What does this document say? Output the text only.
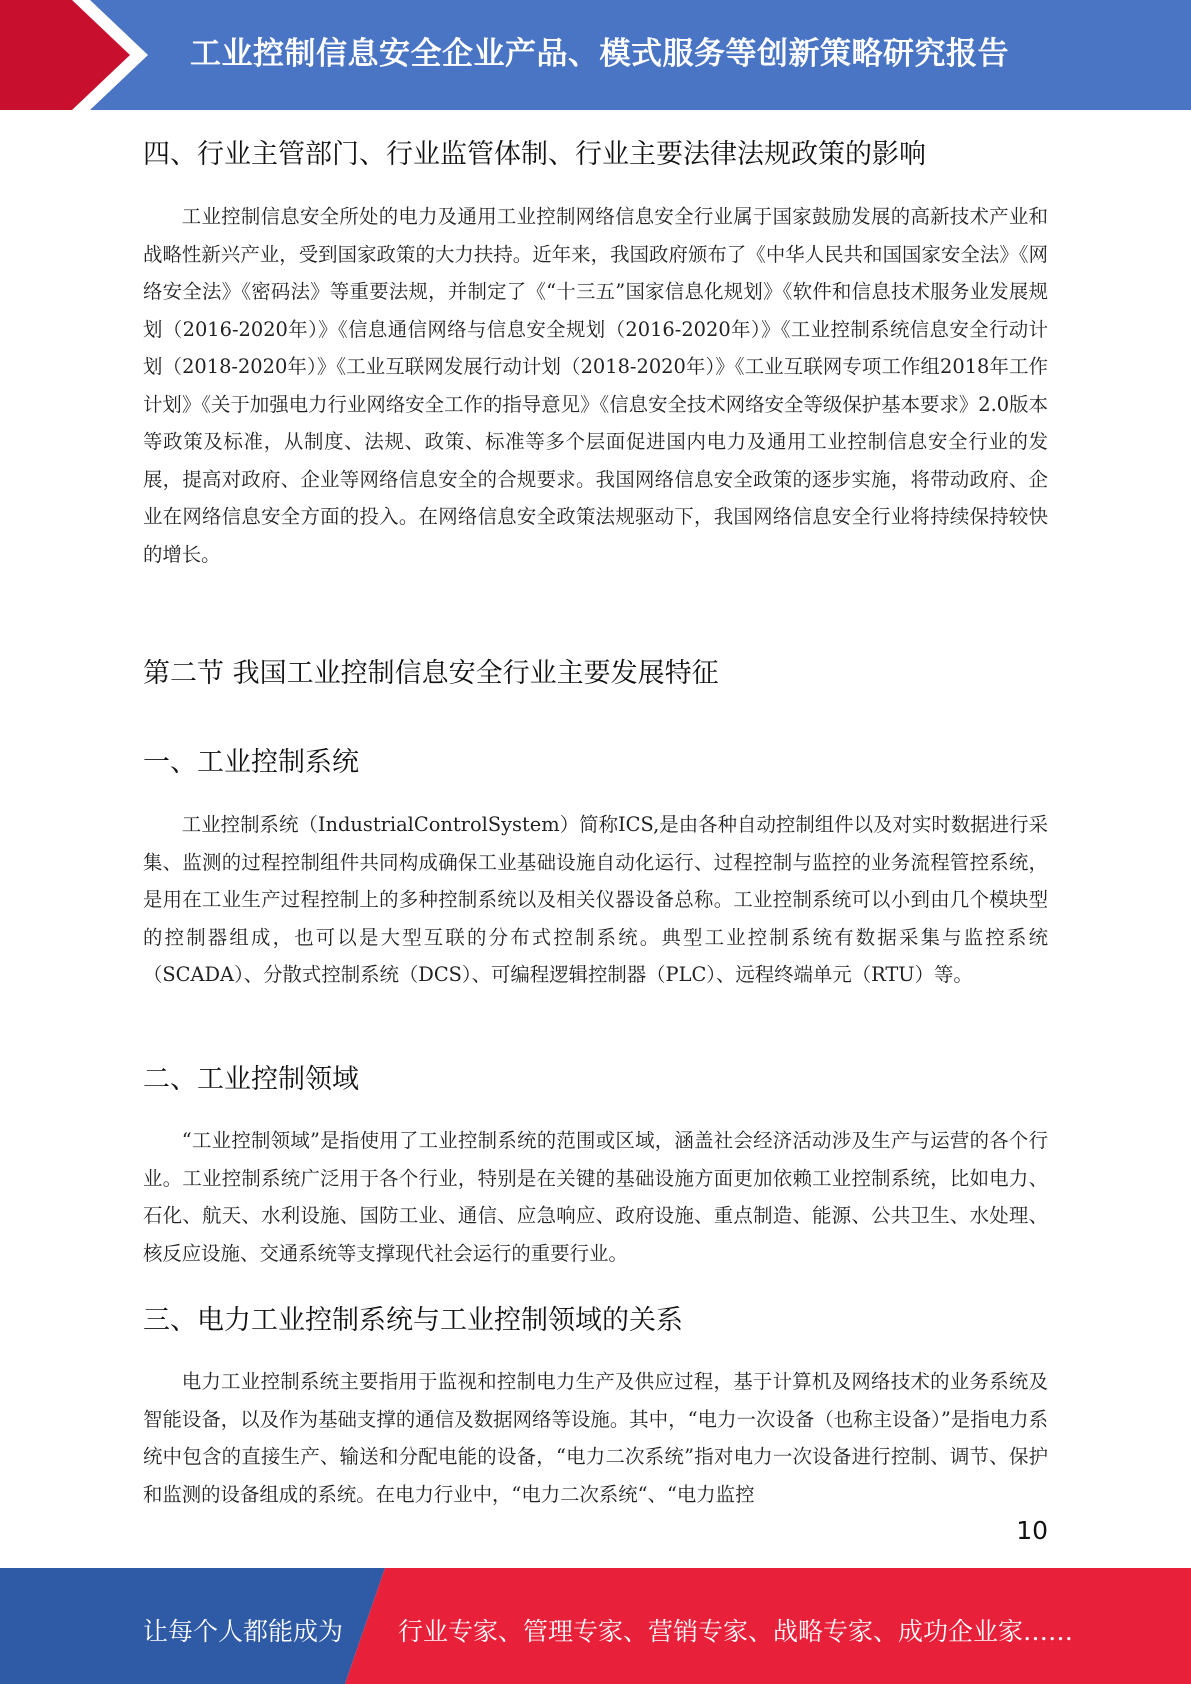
工业控制信息安全企业产品、模式服务等创新策略研究报告
四、行业主管部门、行业监管体制、行业主要法律法规政策的影响

工业控制信息安全所处的电力及通用工业控制网络信息安全行业属于国家鼓励发展的高新技术产业和战略性新兴产业，受到国家政策的大力扶持。近年来，我国政府颁布了《中华人民共和国国家安全法》《网络安全法》《密码法》等重要法规，并制定了《“十三五”国家信息化规划》《软件和信息技术服务业发展规划（2016-2020年）》《信息通信网络与信息安全规划（2016-2020年）》《工业控制系统信息安全行动计划（2018-2020年）》《工业互联网发展行动计划（2018-2020年）》《工业互联网专项工作组2018年工作计划》《关于加强电力行业网络安全工作的指导意见》《信息安全技术网络安全等级保护基本要求》2.0版本等政策及标准，从制度、法规、政策、标准等多个层面促进国内电力及通用工业控制信息安全行业的发展，提高对政府、企业等网络信息安全的合规要求。我国网络信息安全政策的逐步实施，将带动政府、企业在网络信息安全方面的投入。在网络信息安全政策法规驱动下，我国网络信息安全行业将持续保持较快的增长。

第二节 我国工业控制信息安全行业主要发展特征
一、工业控制系统

工业控制系统（IndustrialControlSystem）简称ICS,是由各种自动控制组件以及对实时数据进行采集、监测的过程控制组件共同构成确保工业基础设施自动化运行、过程控制与监控的业务流程管控系统，是用在工业生产过程控制上的多种控制系统以及相关仪器设备总称。工业控制系统可以小到由几个模块型的控制器组成，也可以是大型互联的分布式控制系统。典型工业控制系统有数据采集与监控系统（SCADA）、分散式控制系统（DCS）、可编程逻辑控制器（PLC）、远程终端单元（RTU）等。

二、工业控制领域

“工业控制领域”是指使用了工业控制系统的范围或区域，涵盖社会经济活动涉及生产与运营的各个行业。工业控制系统广泛用于各个行业，特别是在关键的基础设施方面更加依赖工业控制系统，比如电力、石化、航天、水利设施、国防工业、通信、应急响应、政府设施、重点制造、能源、公共卫生、水处理、核反应设施、交通系统等支撑现代社会运行的重要行业。

三、电力工业控制系统与工业控制领域的关系

电力工业控制系统主要指用于监视和控制电力生产及供应过程，基于计算机及网络技术的业务系统及智能设备，以及作为基础支撑的通信及数据网络等设施。其中，“电力一次设备（也称主设备）”是指电力系统中包含的直接生产、输送和分配电能的设备，“电力二次系统”指对电力一次设备进行控制、调节、保护和监测的设备组成的系统。在电力行业中，“电力二次系统“、“电力监控

10
让每个人都能成为 行业专家、管理专家、营销专家、战略专家、成功企业家……
